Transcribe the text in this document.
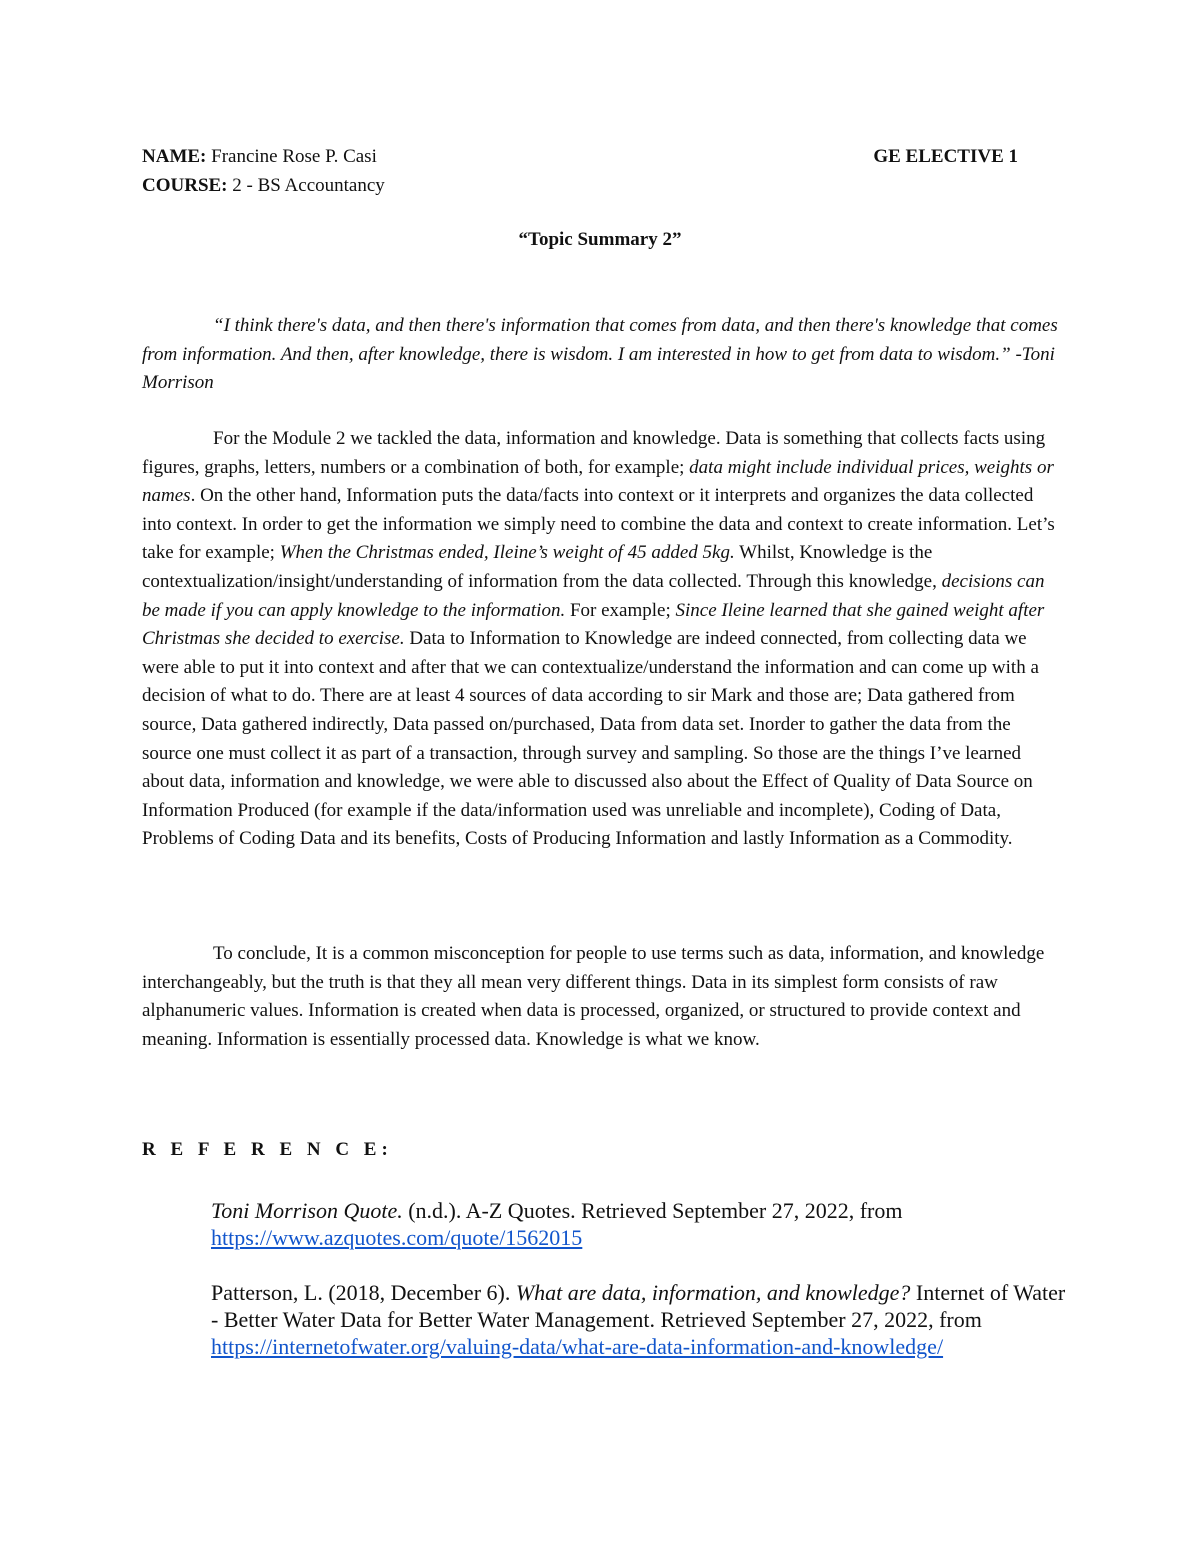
NAME: Francine Rose P. Casi
COURSE: 2 - BS Accountancy
GE ELECTIVE 1
“Topic Summary 2”

“I think there's data, and then there's information that comes from data, and then there's knowledge that comes from information. And then, after knowledge, there is wisdom. I am interested in how to get from data to wisdom.” -Toni Morrison

For the Module 2 we tackled the data, information and knowledge. Data is something that collects facts using figures, graphs, letters, numbers or a combination of both, for example; data might include individual prices, weights or names. On the other hand, Information puts the data/facts into context or it interprets and organizes the data collected into context. In order to get the information we simply need to combine the data and context to create information. Let’s take for example; When the Christmas ended, Ileine’s weight of 45 added 5kg. Whilst, Knowledge is the contextualization/insight/understanding of information from the data collected. Through this knowledge, decisions can be made if you can apply knowledge to the information. For example; Since Ileine learned that she gained weight after Christmas she decided to exercise. Data to Information to Knowledge are indeed connected, from collecting data we were able to put it into context and after that we can contextualize/understand the information and can come up with a decision of what to do. There are at least 4 sources of data according to sir Mark and those are; Data gathered from source, Data gathered indirectly, Data passed on/purchased, Data from data set. Inorder to gather the data from the source one must collect it as part of a transaction, through survey and sampling. So those are the things I’ve learned about data, information and knowledge, we were able to discussed also about the Effect of Quality of Data Source on Information Produced (for example if the data/information used was unreliable and incomplete), Coding of Data, Problems of Coding Data and its benefits, Costs of Producing Information and lastly Information as a Commodity.

To conclude, It is a common misconception for people to use terms such as data, information, and knowledge interchangeably, but the truth is that they all mean very different things. Data in its simplest form consists of raw alphanumeric values. Information is created when data is processed, organized, or structured to provide context and meaning. Information is essentially processed data. Knowledge is what we know.

R E F E R E N C E:

Toni Morrison Quote. (n.d.). A-Z Quotes. Retrieved September 27, 2022, from https://www.azquotes.com/quote/1562015

Patterson, L. (2018, December 6). What are data, information, and knowledge? Internet of Water - Better Water Data for Better Water Management. Retrieved September 27, 2022, from https://internetofwater.org/valuing-data/what-are-data-information-and-knowledge/
